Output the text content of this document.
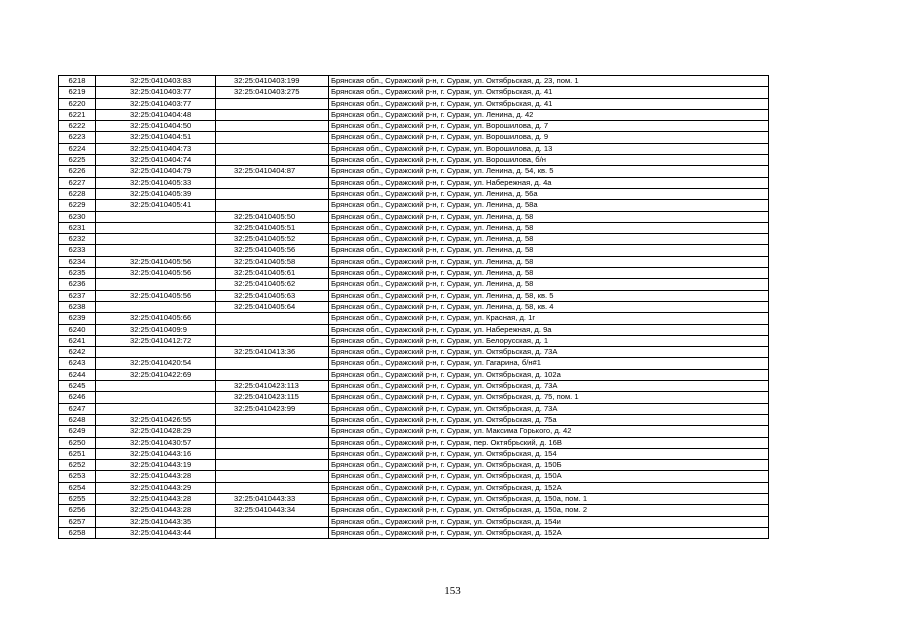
6218	32:25:0410403:83	32:25:0410403:199	Брянская обл., Суражский р-н, г. Сураж, ул. Октябрьская, д. 23, пом. 1
6219	32:25:0410403:77	32:25:0410403:275	Брянская обл., Суражский р-н, г. Сураж, ул. Октябрьская, д. 41
6220	32:25:0410403:77		Брянская обл., Суражский р-н, г. Сураж, ул. Октябрьская, д. 41
6221	32:25:0410404:48		Брянская обл., Суражский р-н, г. Сураж, ул. Ленина, д. 42
6222	32:25:0410404:50		Брянская обл., Суражский р-н, г. Сураж, ул. Ворошилова, д. 7
6223	32:25:0410404:51		Брянская обл., Суражский р-н, г. Сураж, ул. Ворошилова, д. 9
6224	32:25:0410404:73		Брянская обл., Суражский р-н, г. Сураж, ул. Ворошилова, д. 13
6225	32:25:0410404:74		Брянская обл., Суражский р-н, г. Сураж, ул. Ворошилова, б/н
6226	32:25:0410404:79	32:25:0410404:87	Брянская обл., Суражский р-н, г. Сураж, ул. Ленина, д. 54, кв. 5
6227	32:25:0410405:33		Брянская обл., Суражский р-н, г. Сураж, ул. Набережная, д. 4а
6228	32:25:0410405:39		Брянская обл., Суражский р-н, г. Сураж, ул. Ленина, д. 56а
6229	32:25:0410405:41		Брянская обл., Суражский р-н, г. Сураж, ул. Ленина, д. 58а
6230		32:25:0410405:50	Брянская обл., Суражский р-н, г. Сураж, ул. Ленина, д. 58
6231		32:25:0410405:51	Брянская обл., Суражский р-н, г. Сураж, ул. Ленина, д. 58
6232		32:25:0410405:52	Брянская обл., Суражский р-н, г. Сураж, ул. Ленина, д. 58
6233		32:25:0410405:56	Брянская обл., Суражский р-н, г. Сураж, ул. Ленина, д. 58
6234	32:25:0410405:56	32:25:0410405:58	Брянская обл., Суражский р-н, г. Сураж, ул. Ленина, д. 58
6235	32:25:0410405:56	32:25:0410405:61	Брянская обл., Суражский р-н, г. Сураж, ул. Ленина, д. 58
6236		32:25:0410405:62	Брянская обл., Суражский р-н, г. Сураж, ул. Ленина, д. 58
6237	32:25:0410405:56	32:25:0410405:63	Брянская обл., Суражский р-н, г. Сураж, ул. Ленина, д. 58, кв. 5
6238		32:25:0410405:64	Брянская обл., Суражский р-н, г. Сураж, ул. Ленина, д. 58, кв. 4
6239	32:25:0410405:66		Брянская обл., Суражский р-н, г. Сураж, ул. Красная, д. 1г
6240	32:25:0410409:9		Брянская обл., Суражский р-н, г. Сураж, ул. Набережная, д. 9а
6241	32:25:0410412:72		Брянская обл., Суражский р-н, г. Сураж, ул. Белорусская, д. 1
6242		32:25:0410413:36	Брянская обл., Суражский р-н, г. Сураж, ул. Октябрьская, д. 73А
6243	32:25:0410420:54		Брянская обл., Суражский р-н, г. Сураж, ул. Гагарина, б/н#1
6244	32:25:0410422:69		Брянская обл., Суражский р-н, г. Сураж, ул. Октябрьская, д. 102а
6245		32:25:0410423:113	Брянская обл., Суражский р-н, г. Сураж, ул. Октябрьская, д. 73А
6246		32:25:0410423:115	Брянская обл., Суражский р-н, г. Сураж, ул. Октябрьская, д. 75, пом. 1
6247		32:25:0410423:99	Брянская обл., Суражский р-н, г. Сураж, ул. Октябрьская, д. 73А
6248	32:25:0410426:55		Брянская обл., Суражский р-н, г. Сураж, ул. Октябрьская, д. 75а
6249	32:25:0410428:29		Брянская обл., Суражский р-н, г. Сураж, ул. Максима Горького, д. 42
6250	32:25:0410430:57		Брянская обл., Суражский р-н, г. Сураж, пер. Октябрьский, д. 16В
6251	32:25:0410443:16		Брянская обл., Суражский р-н, г. Сураж, ул. Октябрьская, д. 154
6252	32:25:0410443:19		Брянская обл., Суражский р-н, г. Сураж, ул. Октябрьская, д. 150Б
6253	32:25:0410443:28		Брянская обл., Суражский р-н, г. Сураж, ул. Октябрьская, д. 150А
6254	32:25:0410443:29		Брянская обл., Суражский р-н, г. Сураж, ул. Октябрьская, д. 152А
6255	32:25:0410443:28	32:25:0410443:33	Брянская обл., Суражский р-н, г. Сураж, ул. Октябрьская, д. 150а, пом. 1
6256	32:25:0410443:28	32:25:0410443:34	Брянская обл., Суражский р-н, г. Сураж, ул. Октябрьская, д. 150а, пом. 2
6257	32:25:0410443:35		Брянская обл., Суражский р-н, г. Сураж, ул. Октябрьская, д. 154и
6258	32:25:0410443:44		Брянская обл., Суражский р-н, г. Сураж, ул. Октябрьская, д. 152А
153
